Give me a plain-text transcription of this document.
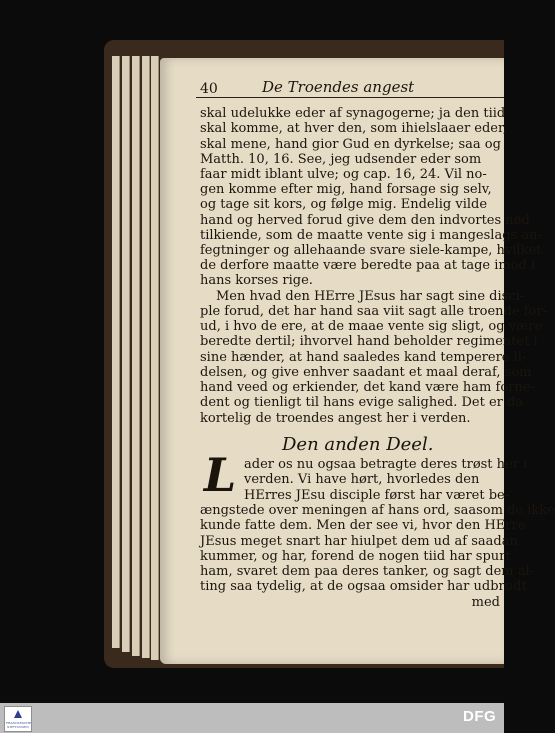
40	De Troendes angest
skal udelukke eder af synagogerne; ja den tiid
skal komme, at hver den, som ihielslaaer eder,
skal mene, hand gior Gud en dyrkelse; saa og
Matth. 10, 16. See, jeg udsender eder som
faar midt iblant ulve; og cap. 16, 24. Vil no-
gen komme efter mig, hand forsage sig selv,
og tage sit kors, og følge mig. Endelig vilde
hand og herved forud give dem den indvortes nød
tilkiende, som de maatte vente sig i mangeslags an-
fegtninger og allehaande svare siele-kampe, hvilket
de derfore maatte være beredte paa at tage imod i
hans korses rige.
Men hvad den HErre JEsus har sagt sine disci-
ple forud, det har hand saa viit sagt alle troende for-
ud, i hvo de ere, at de maae vente sig sligt, og være
beredte dertil; ihvorvel hand beholder regimentet i
sine hænder, at hand saaledes kand temperere li-
delsen, og give enhver saadant et maal deraf, som
hand veed og erkiender, det kand være ham forne-
dent og tienligt til hans evige salighed. Det er da
kortelig de troendes angest her i verden.
Den anden Deel.
L ader os nu ogsaa betragte deres trøst her i
verden. Vi have hørt, hvorledes den
HErres JEsu disciple først har været be-
ængstede over meningen af hans ord, saasom de ikke
kunde fatte dem. Men der see vi, hvor den HErre
JEsus meget snart har hiulpet dem ud af saadan
kummer, og har, forend de nogen tiid har spurt
ham, svaret dem paa deres tanker, og sagt dem al-
ting saa tydelig, at de ogsaa omsider har udbrudt
med
FRANCKESCHE STIFTUNGEN
DFG
